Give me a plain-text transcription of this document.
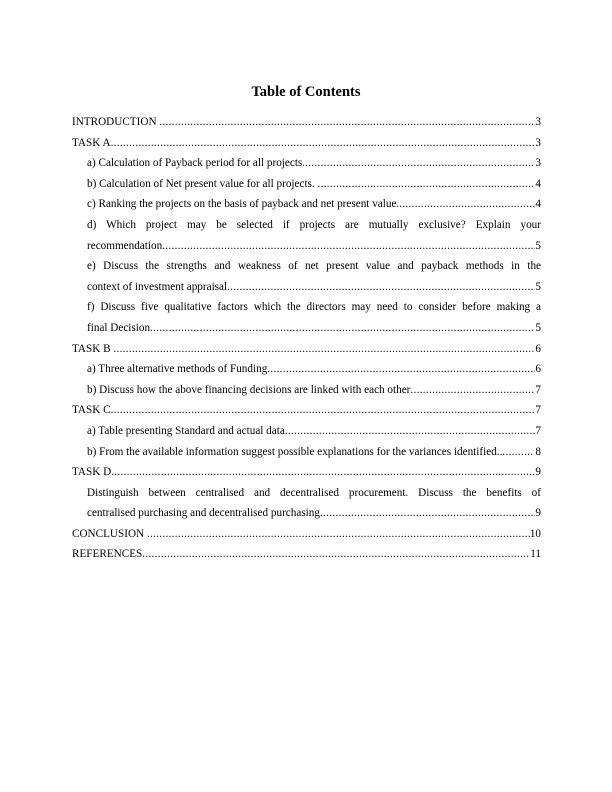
Table of Contents
INTRODUCTION .....	3
TASK A .....	3
a) Calculation of Payback period for all projects. .....	3
b) Calculation of Net present value for all projects. .....	4
c) Ranking the projects on the basis of payback and net present value. .....	4
d) Which project may be selected if projects are mutually exclusive? Explain your
recommendation .....	5
e) Discuss the strengths and weakness of net present value and payback methods in the
context of investment appraisal .....	5
f) Discuss five qualitative factors which the directors may need to consider before making a
final Decision .....	5
TASK B .....	6
a) Three alternative methods of Funding .....	6
b) Discuss how the above financing decisions are linked with each other .....	7
TASK C .....	7
a) Table presenting Standard and actual data .....	7
b) From the available information suggest possible explanations for the variances identified.. .....	8
TASK D .....	9
Distinguish between centralised and decentralised procurement. Discuss the benefits of
centralised purchasing and decentralised purchasing .....	9
CONCLUSION .....	10
REFERENCES .....	11
